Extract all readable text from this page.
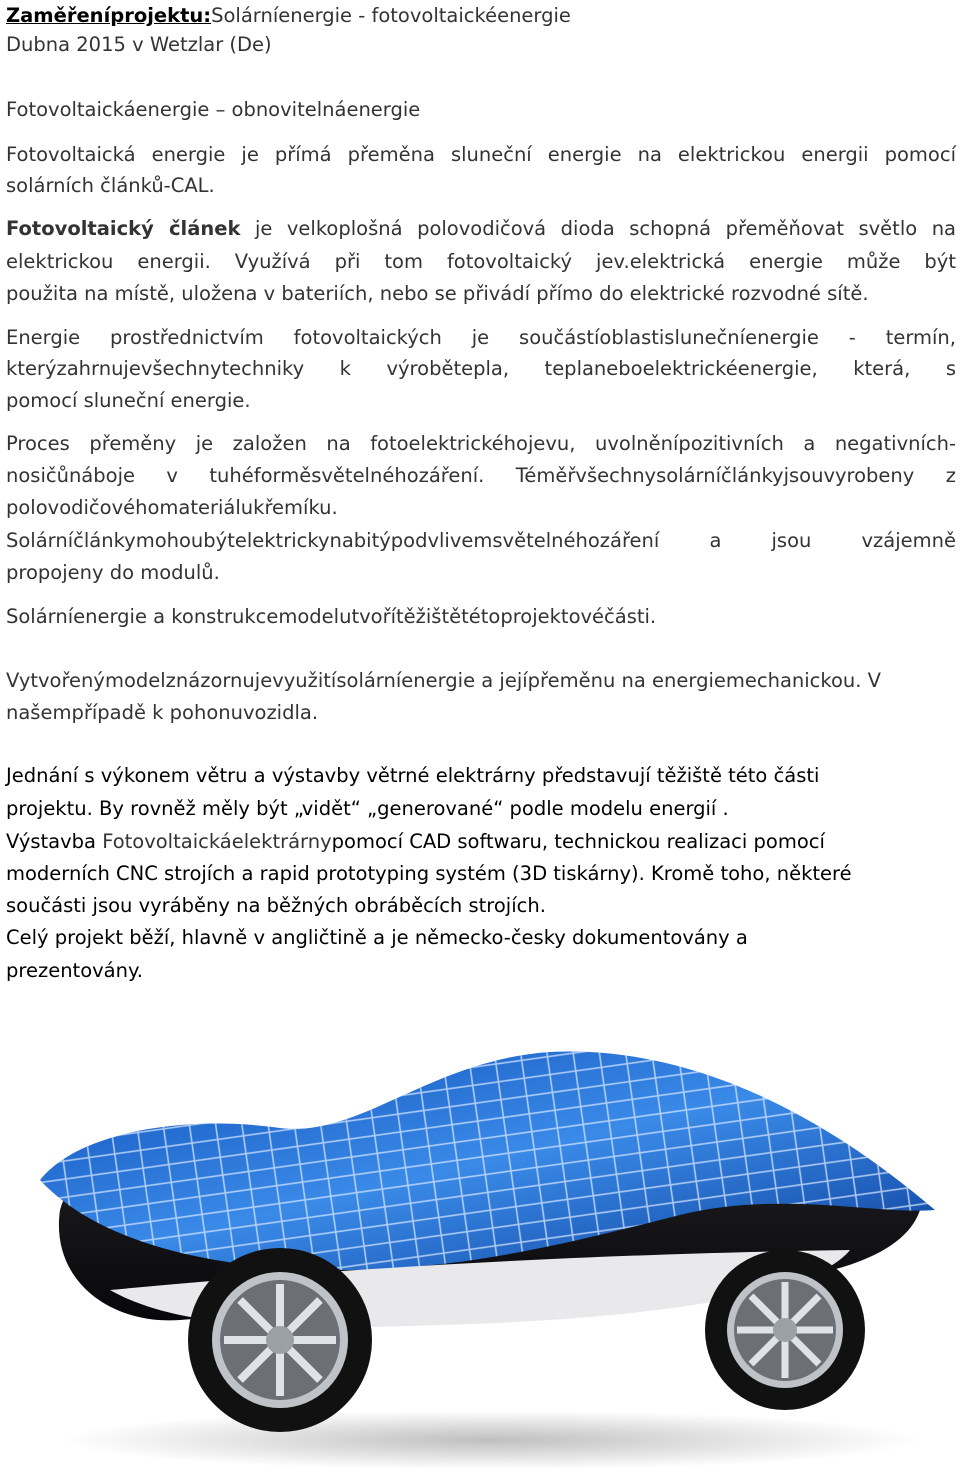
Zaměřeníprojektu:Solárníenergie - fotovoltaickéenergie
Dubna 2015 v Wetzlar (De)
Fotovoltaickáenergie – obnovitelnáenergie
Fotovoltaická energie je přímá přeměna sluneční energie na elektrickou energii pomocí
solárních článků-CAL.
Fotovoltaický článek je velkoplošná polovodičová dioda schopná přeměňovat světlo na
elektrickou energii. Využívá při tom fotovoltaický jev.elektrická energie může být
použita na místě, uložena v bateriích, nebo se přivádí přímo do elektrické rozvodné sítě.
Energie prostřednictvím fotovoltaických je součástíoblastislunečníenergie - termín,
kterýzahrnujevšechnytechniky k výrobětepla, teplaneboelektrickéenergie, která, s
pomocí sluneční energie.
Proces přeměny je založen na fotoelektrickéhojevu, uvolněnípozitivních a negativních-
nosičůnáboje v tuhéforměsvětelnéhozáření. Téměřvšechnysolárníčlánkyjsouvyrobeny z
polovodičovéhomateriálukřemíku.
Solárníčlánkymohoubýtelektrickynabitýpodvlivemsvětelnéhozáření a jsou vzájemně
propojeny do modulů.
Solárníenergie a konstrukcemodelutvořítěžištětétoprojektovéčásti.
Vytvořenýmodelznázornujevyužitísolárníenergie a jejípřeměnu na energiemechanickou. V
našempřípadě k pohonuvozidla.
Jednání s výkonem větru a výstavby větrné elektrárny představují těžiště této části
projektu. By rovněž měly být „vidět“ „generované“ podle modelu energií .
Výstavba Fotovoltaickáelektrárnypomocí CAD softwaru, technickou realizaci pomocí
moderních CNC strojích a rapid prototyping systém (3D tiskárny). Kromě toho, některé
součásti jsou vyráběny na běžných obráběcích strojích.
Celý projekt běží, hlavně v angličtině a je německo-česky dokumentovány a
prezentovány.
